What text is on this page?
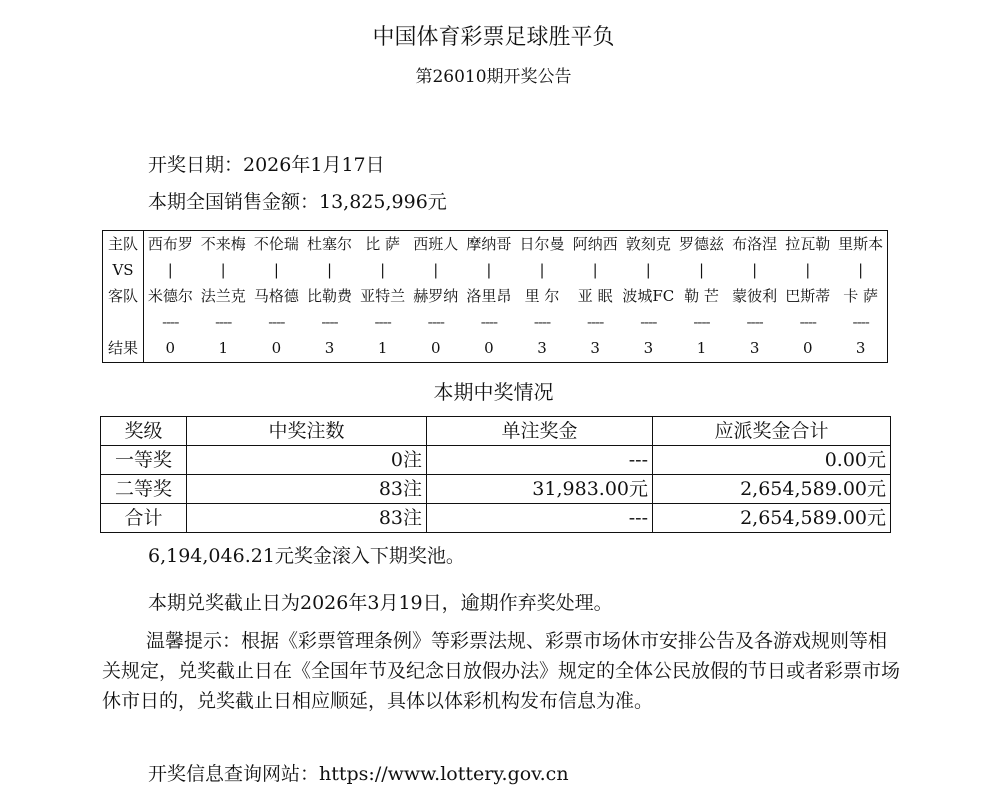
中国体育彩票足球胜平负
第26010期开奖公告
开奖日期：2026年1月17日
本期全国销售金额：13,825,996元
主队	西布罗	不来梅	不伦瑞	杜塞尔	比 萨	西班人	摩纳哥	日尔曼	阿纳西	敦刻克	罗德兹	布洛涅	拉瓦勒	里斯本
VS	|	|	|	|	|	|	|	|	|	|	|	|	|	|
客队	米德尔	法兰克	马格德	比勒费	亚特兰	赫罗纳	洛里昂	里 尔	亚 眠	波城FC	勒 芒	蒙彼利	巴斯蒂	卡 萨
	----	----	----	----	----	----	----	----	----	----	----	----	----	----
结果	0	1	0	3	1	0	0	3	3	3	1	3	0	3
本期中奖情况
奖级	中奖注数	单注奖金	应派奖金合计
一等奖	0注	---	0.00元
二等奖	83注	31,983.00元	2,654,589.00元
合计	83注	---	2,654,589.00元
6,194,046.21元奖金滚入下期奖池。
本期兑奖截止日为2026年3月19日，逾期作弃奖处理。
温馨提示：根据《彩票管理条例》等彩票法规、彩票市场休市安排公告及各游戏规则等相关规定，兑奖截止日在《全国年节及纪念日放假办法》规定的全体公民放假的节日或者彩票市场休市日的，兑奖截止日相应顺延，具体以体彩机构发布信息为准。
开奖信息查询网站：https://www.lottery.gov.cn
